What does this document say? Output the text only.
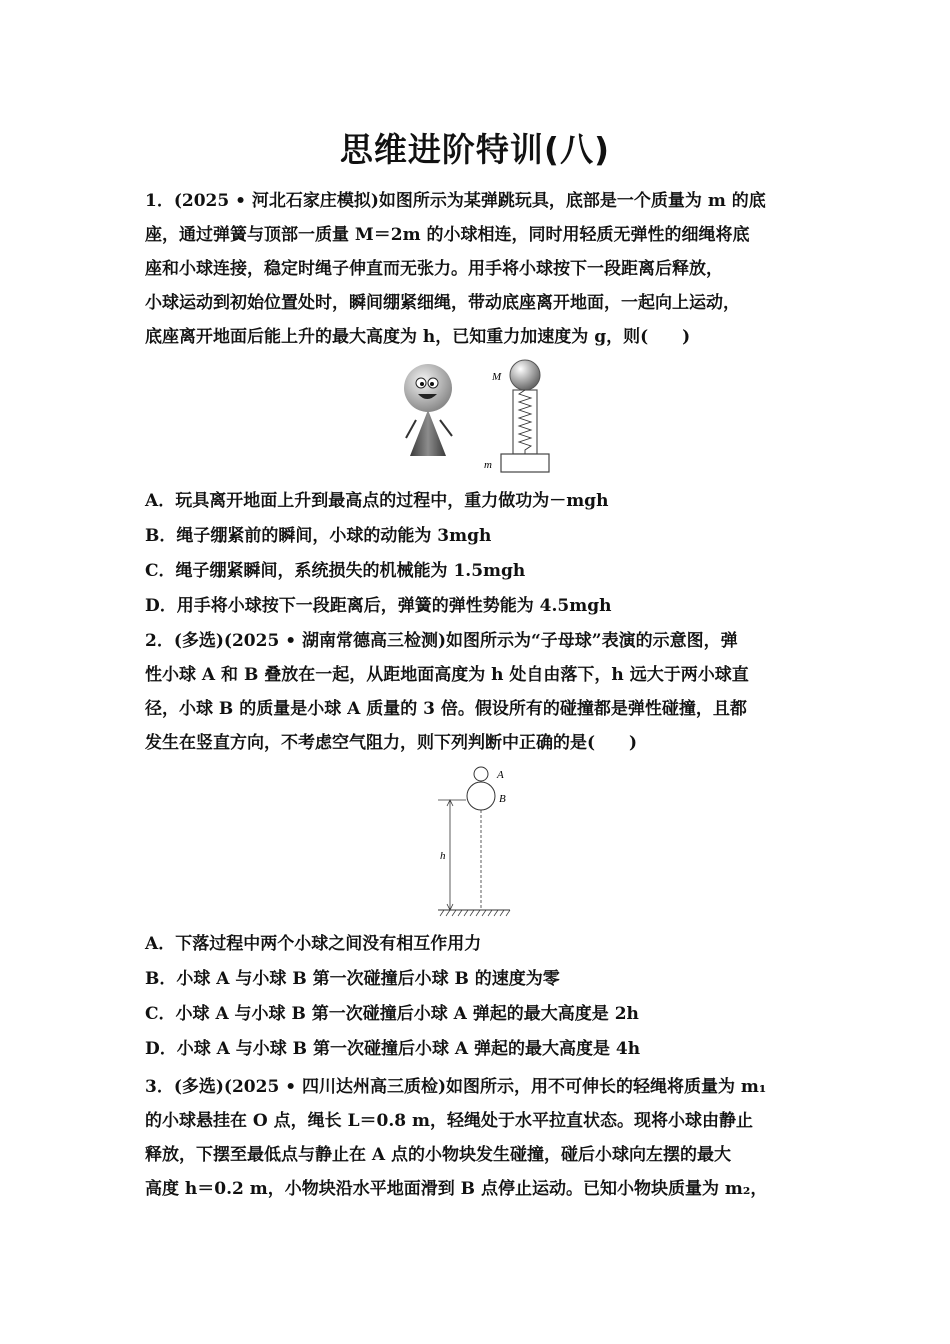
思维进阶特训(八)
1．(2025 • 河北石家庄模拟)如图所示为某弹跳玩具，底部是一个质量为 m 的底
座，通过弹簧与顶部一质量 M＝2m 的小球相连，同时用轻质无弹性的细绳将底
座和小球连接，稳定时绳子伸直而无张力。用手将小球按下一段距离后释放，
小球运动到初始位置处时，瞬间绷紧细绳，带动底座离开地面，一起向上运动，
底座离开地面后能上升的最大高度为 h，已知重力加速度为 g，则(　　)
M
m
A．玩具离开地面上升到最高点的过程中，重力做功为－mgh
B．绳子绷紧前的瞬间，小球的动能为 3mgh
C．绳子绷紧瞬间，系统损失的机械能为 1.5mgh
D．用手将小球按下一段距离后，弹簧的弹性势能为 4.5mgh
2．(多选)(2025 • 湖南常德高三检测)如图所示为“子母球”表演的示意图，弹
性小球 A 和 B 叠放在一起，从距地面高度为 h 处自由落下，h 远大于两小球直
径，小球 B 的质量是小球 A 质量的 3 倍。假设所有的碰撞都是弹性碰撞，且都
发生在竖直方向，不考虑空气阻力，则下列判断中正确的是(　　)
A
B
h
A．下落过程中两个小球之间没有相互作用力
B．小球 A 与小球 B 第一次碰撞后小球 B 的速度为零
C．小球 A 与小球 B 第一次碰撞后小球 A 弹起的最大高度是 2h
D．小球 A 与小球 B 第一次碰撞后小球 A 弹起的最大高度是 4h
3．(多选)(2025 • 四川达州高三质检)如图所示，用不可伸长的轻绳将质量为 m₁
的小球悬挂在 O 点，绳长 L＝0.8 m，轻绳处于水平拉直状态。现将小球由静止
释放，下摆至最低点与静止在 A 点的小物块发生碰撞，碰后小球向左摆的最大
高度 h＝0.2 m，小物块沿水平地面滑到 B 点停止运动。已知小物块质量为 m₂，
